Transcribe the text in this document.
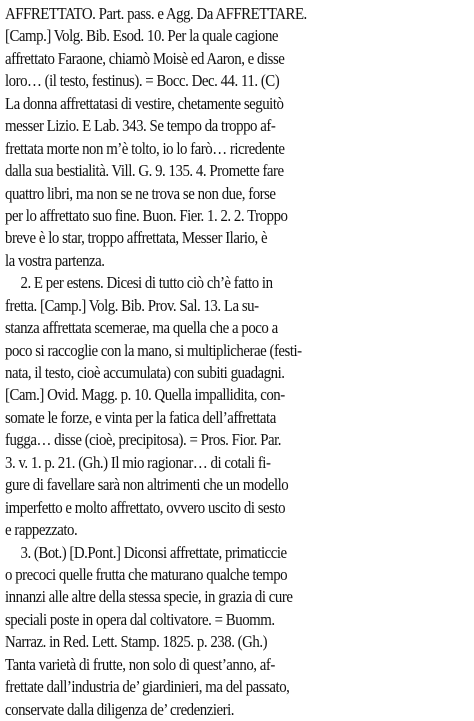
AFFRETTATO. Part. pass. e Agg. Da AFFRETTARE.
[Camp.] Volg. Bib. Esod. 10. Per la quale cagione
affrettato Faraone, chiamò Moisè ed Aaron, e disse
loro… (il testo, festinus). = Bocc. Dec. 44. 11. (C)
La donna affrettatasi di vestire, chetamente seguitò
messer Lizio. E Lab. 343. Se tempo da troppo af-
frettata morte non m’è tolto, io lo farò… ricredente
dalla sua bestialità. Vill. G. 9. 135. 4. Promette fare
quattro libri, ma non se ne trova se non due, forse
per lo affrettato suo fine. Buon. Fier. 1. 2. 2. Troppo
breve è lo star, troppo affrettata, Messer Ilario, è
la vostra partenza.
2. E per estens. Dicesi di tutto ciò ch’è fatto in
fretta. [Camp.] Volg. Bib. Prov. Sal. 13. La su-
stanza affrettata scemerae, ma quella che a poco a
poco si raccoglie con la mano, si multiplicherae (festi-
nata, il testo, cioè accumulata) con subiti guadagni.
[Cam.] Ovid. Magg. p. 10. Quella impallidita, con-
somate le forze, e vinta per la fatica dell’affrettata
fugga… disse (cioè, precipitosa). = Pros. Fior. Par.
3. v. 1. p. 21. (Gh.) Il mio ragionar… di cotali fi-
gure di favellare sarà non altrimenti che un modello
imperfetto e molto affrettato, ovvero uscito di sesto
e rappezzato.
3. (Bot.) [D.Pont.] Diconsi affrettate, primaticcie
o precoci quelle frutta che maturano qualche tempo
innanzi alle altre della stessa specie, in grazia di cure
speciali poste in opera dal coltivatore. = Buomm.
Narraz. in Red. Lett. Stamp. 1825. p. 238. (Gh.)
Tanta varietà di frutte, non solo di quest’anno, af-
frettate dall’industria de’ giardinieri, ma del passato,
conservate dalla diligenza de’ credenzieri.
